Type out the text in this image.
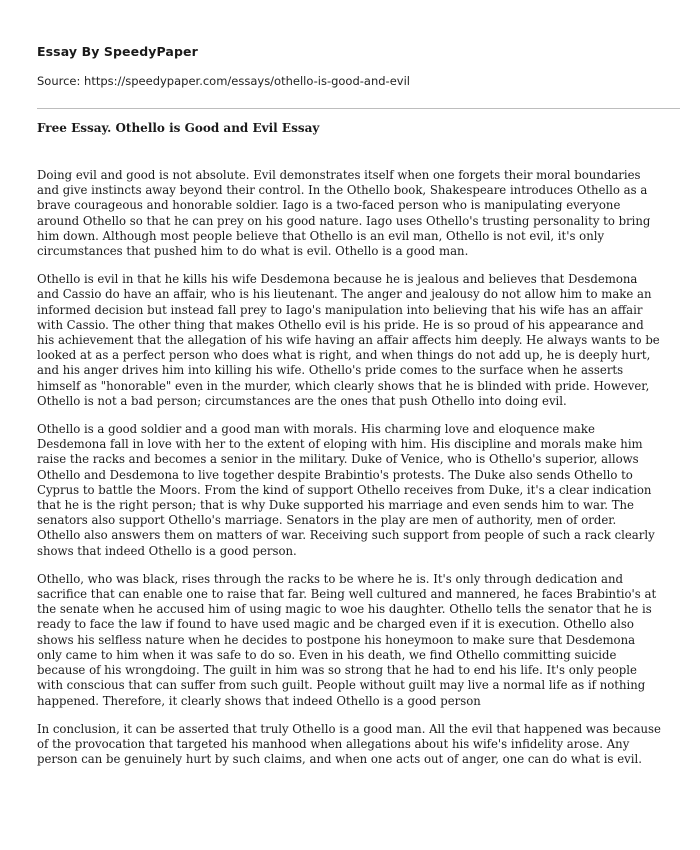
Essay By SpeedyPaper
Source: https://speedypaper.com/essays/othello-is-good-and-evil
Free Essay. Othello is Good and Evil Essay

Doing evil and good is not absolute. Evil demonstrates itself when one forgets their moral boundaries and give instincts away beyond their control. In the Othello book, Shakespeare introduces Othello as a brave courageous and honorable soldier. Iago is a two-faced person who is manipulating everyone around Othello so that he can prey on his good nature. Iago uses Othello's trusting personality to bring him down. Although most people believe that Othello is an evil man, Othello is not evil, it's only circumstances that pushed him to do what is evil. Othello is a good man.

Othello is evil in that he kills his wife Desdemona because he is jealous and believes that Desdemona and Cassio do have an affair, who is his lieutenant. The anger and jealousy do not allow him to make an informed decision but instead fall prey to Iago's manipulation into believing that his wife has an affair with Cassio. The other thing that makes Othello evil is his pride. He is so proud of his appearance and his achievement that the allegation of his wife having an affair affects him deeply. He always wants to be looked at as a perfect person who does what is right, and when things do not add up, he is deeply hurt, and his anger drives him into killing his wife. Othello's pride comes to the surface when he asserts himself as "honorable" even in the murder, which clearly shows that he is blinded with pride. However, Othello is not a bad person; circumstances are the ones that push Othello into doing evil.

Othello is a good soldier and a good man with morals. His charming love and eloquence make Desdemona fall in love with her to the extent of eloping with him. His discipline and morals make him raise the racks and becomes a senior in the military. Duke of Venice, who is Othello's superior, allows Othello and Desdemona to live together despite Brabintio's protests. The Duke also sends Othello to Cyprus to battle the Moors. From the kind of support Othello receives from Duke, it's a clear indication that he is the right person; that is why Duke supported his marriage and even sends him to war. The senators also support Othello's marriage. Senators in the play are men of authority, men of order. Othello also answers them on matters of war. Receiving such support from people of such a rack clearly shows that indeed Othello is a good person.

Othello, who was black, rises through the racks to be where he is. It's only through dedication and sacrifice that can enable one to raise that far. Being well cultured and mannered, he faces Brabintio's at the senate when he accused him of using magic to woe his daughter. Othello tells the senator that he is ready to face the law if found to have used magic and be charged even if it is execution. Othello also shows his selfless nature when he decides to postpone his honeymoon to make sure that Desdemona only came to him when it was safe to do so. Even in his death, we find Othello committing suicide because of his wrongdoing. The guilt in him was so strong that he had to end his life. It's only people with conscious that can suffer from such guilt. People without guilt may live a normal life as if nothing happened. Therefore, it clearly shows that indeed Othello is a good person

In conclusion, it can be asserted that truly Othello is a good man. All the evil that happened was because of the provocation that targeted his manhood when allegations about his wife's infidelity arose. Any person can be genuinely hurt by such claims, and when one acts out of anger, one can do what is evil.
